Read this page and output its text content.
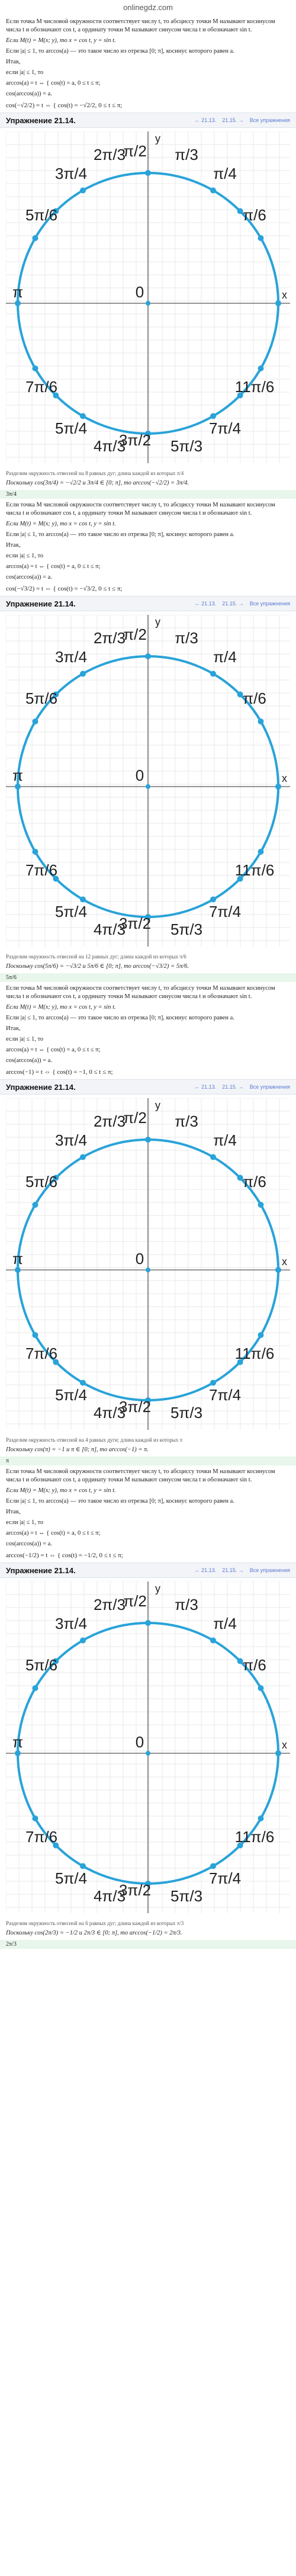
onlinegdz.com

Если точка M числовой окружности соответствует числу t, то абсциссу точки M называют косинусом числа t и обозначают cos t, а ординату точки M называют синусом числа t и обозначают sin t.

Если M(t) = M(x; y), то x = cos t, y = sin t.

Если |a| ≤ 1, то arccos(a) — это такое число из отрезка [0; π], косинус которого равен a.

Итак,

если |a| ≤ 1, то

arccos(a) = t ⇔ { cos(t) = a, 0 ≤ t ≤ π;

cos(arccos(a)) = a.

cos(−√2/2) = t ⇔ { cos(t) = −√2/2, 0 ≤ t ≤ π;

Упражнение 21.14.	← 21.13. 21.15. → Все упражнения
π/2
3π/2
π	0
2π/3
3π/4
5π/6
π/3
π/4
π/6
7π/6
5π/4
4π/3
11π/6
7π/4
5π/3
x
y

Разделим окружность отвесной на 8 равных дуг; длина каждой из которых π/4

Поскольку cos(3π/4) = −√2/2 и 3π/4 ∈ [0; π], то arccos(−√2/2) = 3π/4.

3π/4

Если точка M числовой окружности соответствует числу t, то абсциссу точки M называют косинусом числа t и обозначают cos t, а ординату точки M называют синусом числа t и обозначают sin t.

Если M(t) = M(x; y), то x = cos t, y = sin t.

Если |a| ≤ 1, то arccos(a) — это такое число из отрезка [0; π], косинус которого равен a.

Итак,

если |a| ≤ 1, то

arccos(a) = t ⇔ { cos(t) = a, 0 ≤ t ≤ π;

cos(arccos(a)) = a.

cos(−√3/2) = t ⇔ { cos(t) = −√3/2, 0 ≤ t ≤ π;

Упражнение 21.14.	← 21.13. 21.15. → Все упражнения
π/2
3π/2
π	0
2π/3
3π/4
5π/6
π/3
π/4
π/6
7π/6
5π/4
4π/3
11π/6
7π/4
5π/3
x
y

Разделим окружность отвесной на 12 равных дуг; длина каждой из которых π/6

Поскольку cos(5π/6) = −√3/2 и 5π/6 ∈ [0; π], то arccos(−√3/2) = 5π/6.

5π/6

Если точка M числовой окружности соответствует числу t, то абсциссу точки M называют косинусом числа t и обозначают cos t, а ординату точки M называют синусом числа t и обозначают sin t.

Если M(t) = M(x; y), то x = cos t, y = sin t.

Если |a| ≤ 1, то arccos(a) — это такое число из отрезка [0; π], косинус которого равен a.

Итак,

если |a| ≤ 1, то

arccos(a) = t ⇔ { cos(t) = a, 0 ≤ t ≤ π;

cos(arccos(a)) = a.

arccos(−1) = t ⇔ { cos(t) = −1, 0 ≤ t ≤ π;

Упражнение 21.14.	← 21.13. 21.15. → Все упражнения
π/2
3π/2
π	0
2π/3
3π/4
5π/6
π/3
π/4
π/6
7π/6
5π/4
4π/3
11π/6
7π/4
5π/3
x
y

Разделим окружность отвесной на 4 равных дуги; длина каждой из которых π

Поскольку cos(π) = −1 и π ∈ [0; π], то arccos(−1) = π.

π

Если точка M числовой окружности соответствует числу t, то абсциссу точки M называют косинусом числа t и обозначают cos t, а ординату точки M называют синусом числа t и обозначают sin t.

Если M(t) = M(x; y), то x = cos t, y = sin t.

Если |a| ≤ 1, то arccos(a) — это такое число из отрезка [0; π], косинус которого равен a.

Итак,

если |a| ≤ 1, то

arccos(a) = t ⇔ { cos(t) = a, 0 ≤ t ≤ π;

cos(arccos(a)) = a.

arccos(−1/2) = t ⇔ { cos(t) = −1/2, 0 ≤ t ≤ π;

Упражнение 21.14.	← 21.13. 21.15. → Все упражнения
π/2
3π/2
π	0
2π/3
3π/4
5π/6
π/3
π/4
π/6
7π/6
5π/4
4π/3
11π/6
7π/4
5π/3
x
y

Разделим окружность отвесной на 6 равных дуг; длина каждой из которых π/3

Поскольку cos(2π/3) = −1/2 и 2π/3 ∈ [0; π], то arccos(−1/2) = 2π/3.

2π/3
